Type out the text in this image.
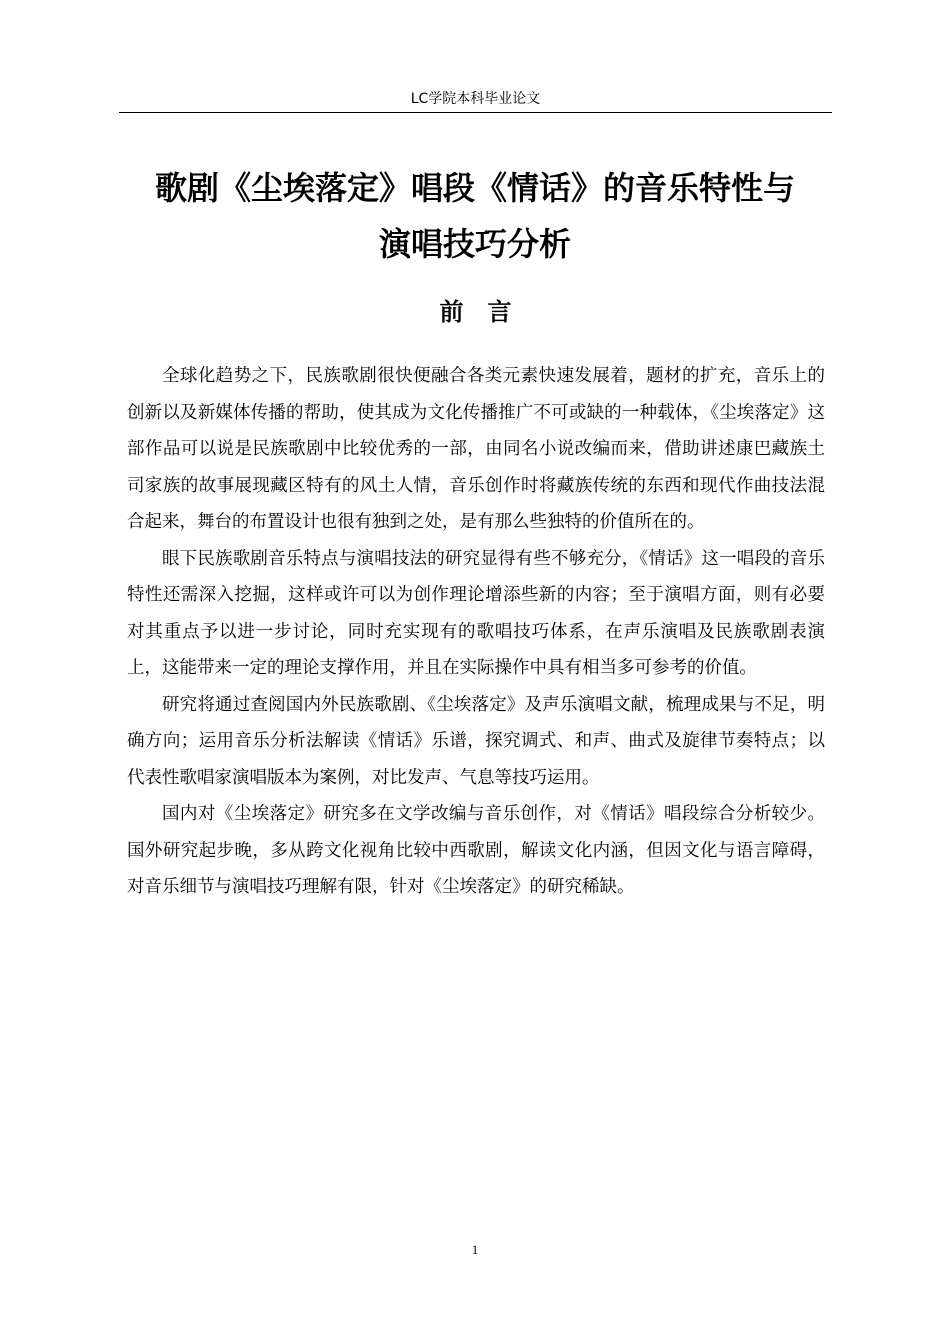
LC学院本科毕业论文
歌剧《尘埃落定》唱段《情话》的音乐特性与
演唱技巧分析
前　言

全球化趋势之下，民族歌剧很快便融合各类元素快速发展着，题材的扩充，音乐上的创新以及新媒体传播的帮助，使其成为文化传播推广不可或缺的一种载体，《尘埃落定》这部作品可以说是民族歌剧中比较优秀的一部，由同名小说改编而来，借助讲述康巴藏族土司家族的故事展现藏区特有的风土人情，音乐创作时将藏族传统的东西和现代作曲技法混合起来，舞台的布置设计也很有独到之处，是有那么些独特的价值所在的。

眼下民族歌剧音乐特点与演唱技法的研究显得有些不够充分，《情话》这一唱段的音乐特性还需深入挖掘，这样或许可以为创作理论增添些新的内容；至于演唱方面，则有必要对其重点予以进一步讨论，同时充实现有的歌唱技巧体系，在声乐演唱及民族歌剧表演上，这能带来一定的理论支撑作用，并且在实际操作中具有相当多可参考的价值。

研究将通过查阅国内外民族歌剧、《尘埃落定》及声乐演唱文献，梳理成果与不足，明确方向；运用音乐分析法解读《情话》乐谱，探究调式、和声、曲式及旋律节奏特点；以代表性歌唱家演唱版本为案例，对比发声、气息等技巧运用。

国内对《尘埃落定》研究多在文学改编与音乐创作，对《情话》唱段综合分析较少。国外研究起步晚，多从跨文化视角比较中西歌剧，解读文化内涵，但因文化与语言障碍，对音乐细节与演唱技巧理解有限，针对《尘埃落定》的研究稀缺。

1
